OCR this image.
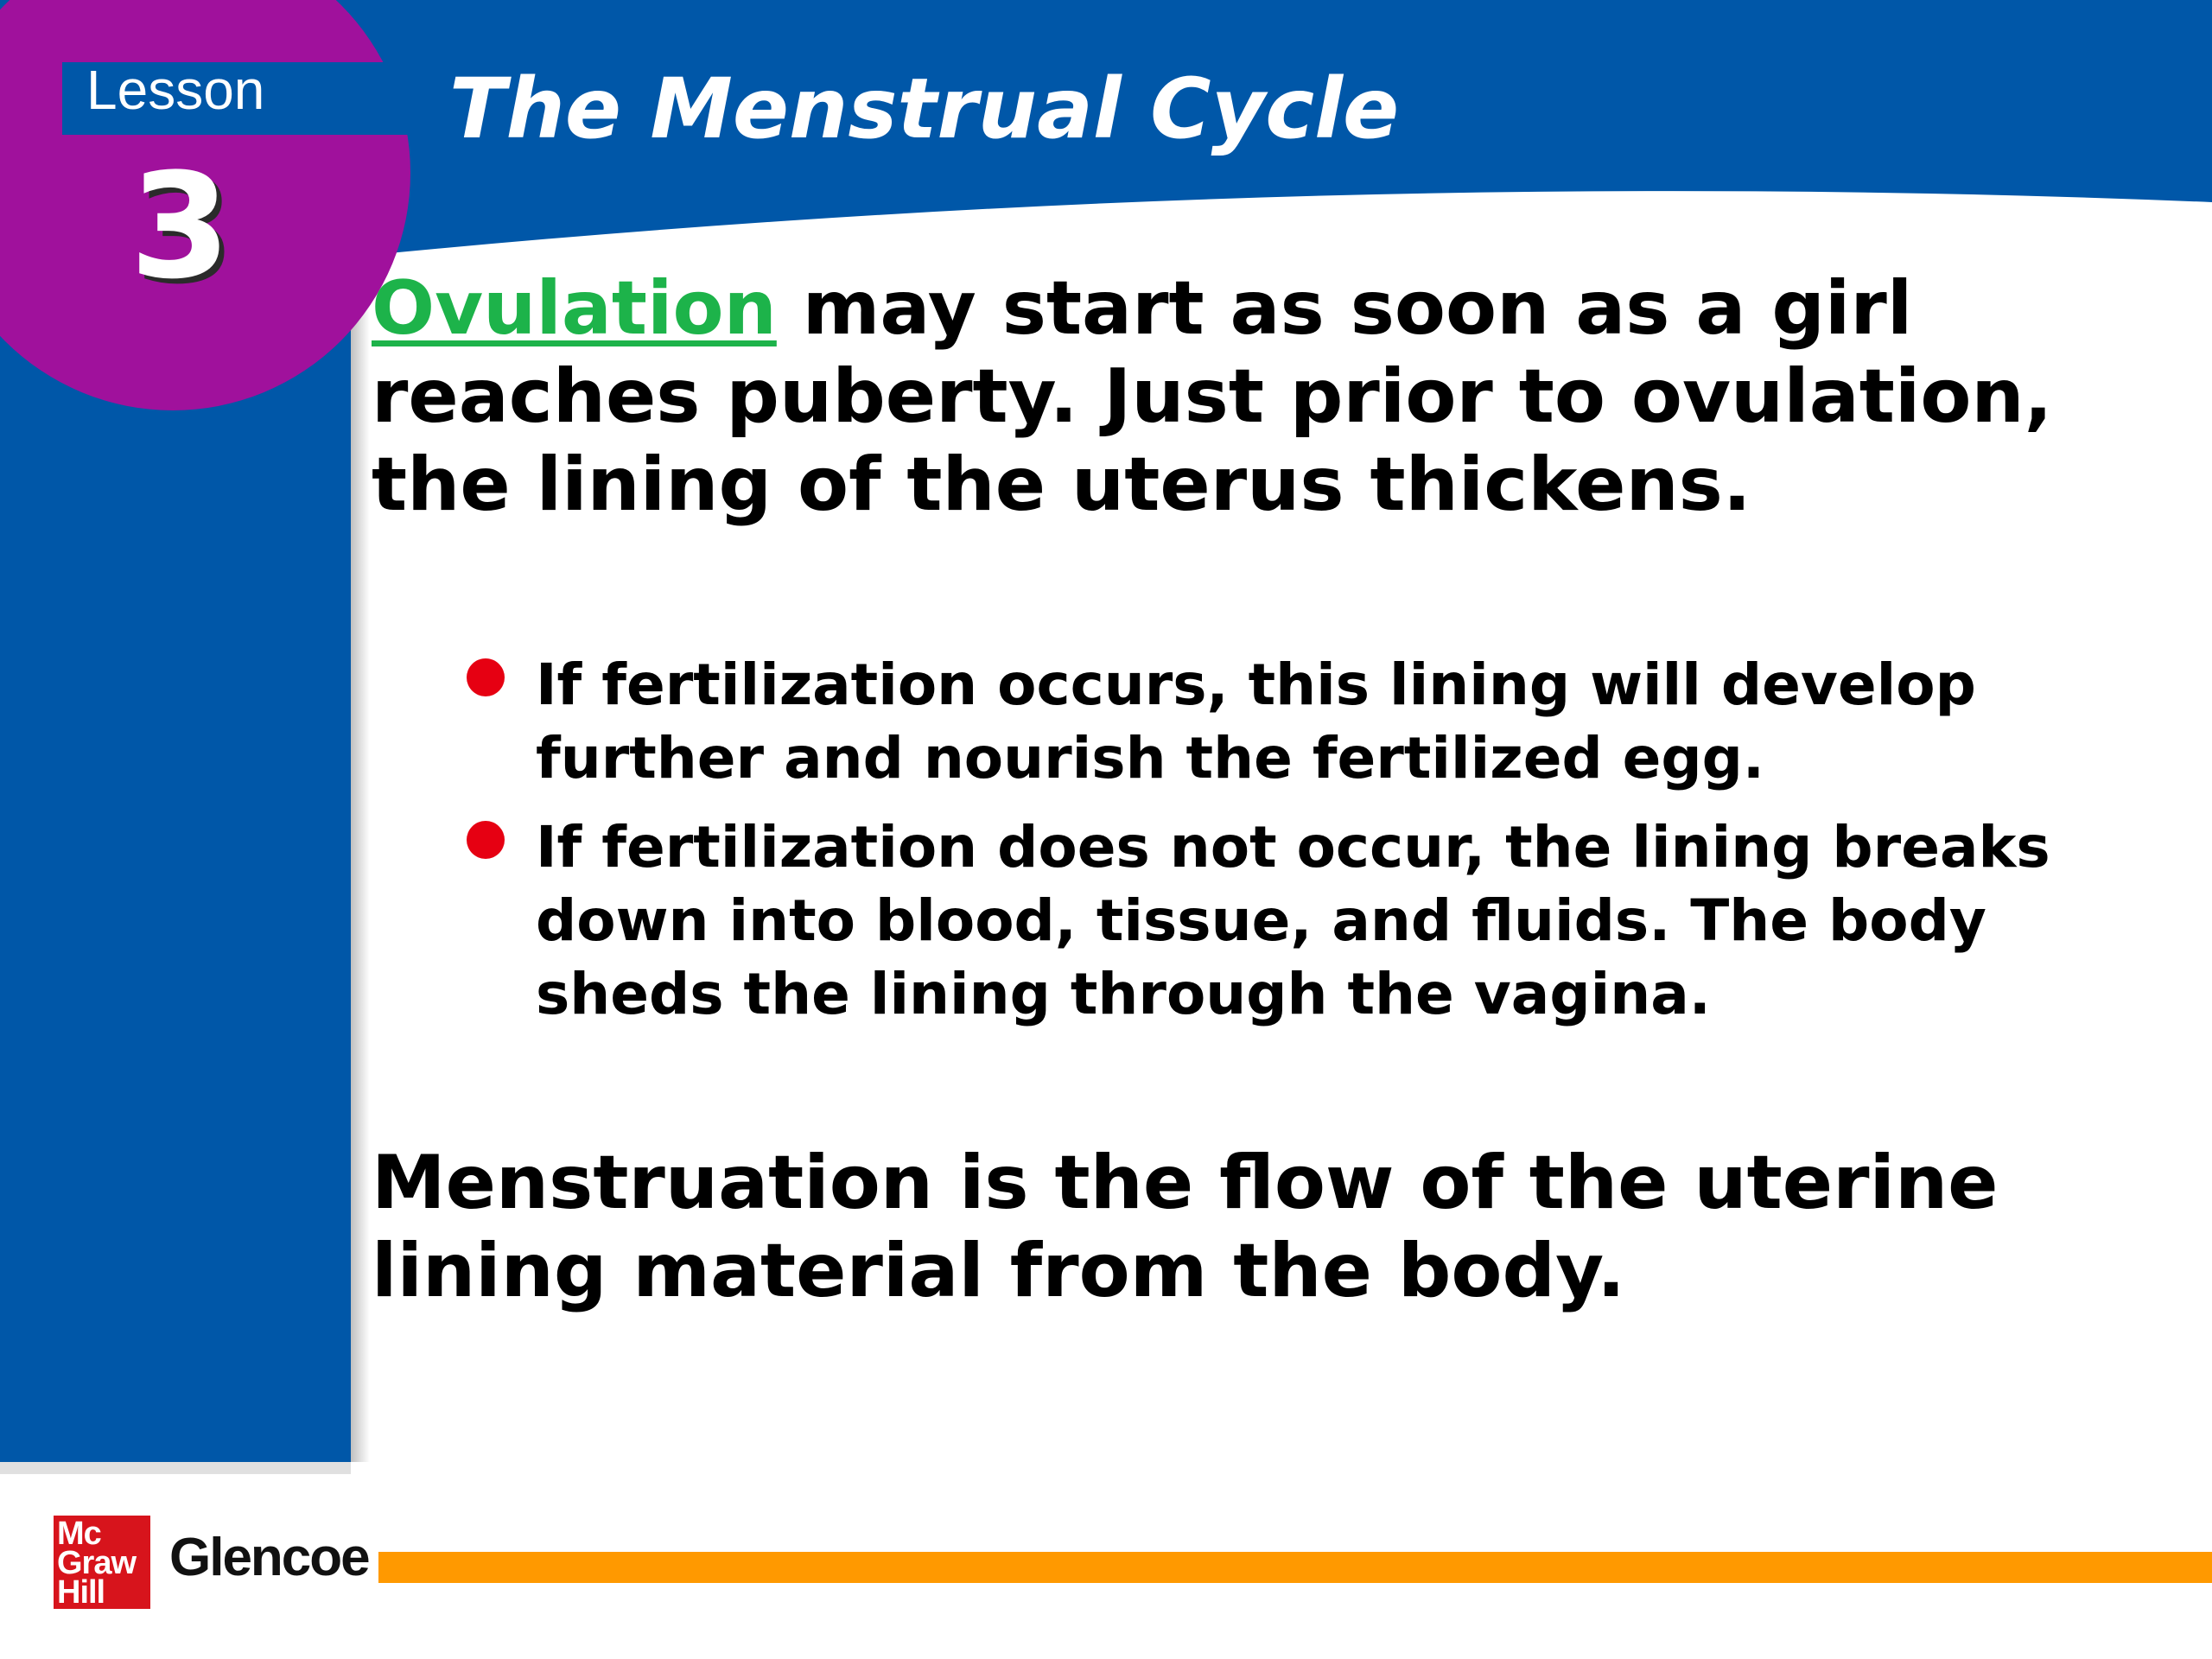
Lesson
3
The Menstrual Cycle
Ovulation may start as soon as a girl reaches puberty. Just prior to ovulation, the lining of the uterus thickens.
If fertilization occurs, this lining will develop further and nourish the fertilized egg.
If fertilization does not occur, the lining breaks down into blood, tissue, and fluids. The body sheds the lining through the vagina.
Menstruation is the flow of the uterine lining material from the body.
Mc
Graw
Hill
Glencoe
